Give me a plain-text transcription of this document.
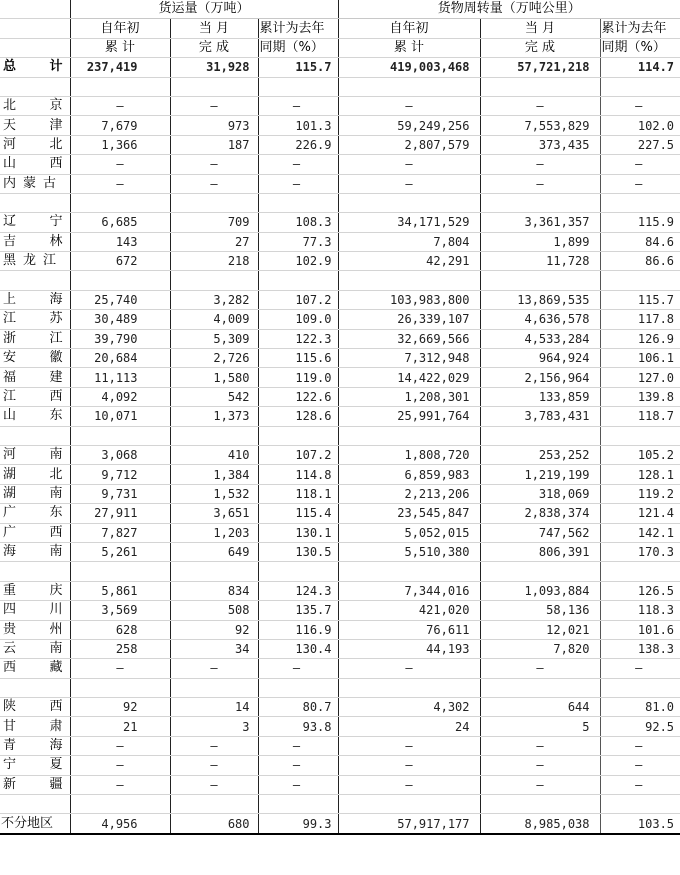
	货运量（万吨）			货物周转量（万吨公里）		
	自年初	当 月	累计为去年	自年初	当 月	累计为去年
	累 计	完 成	同期（%）	累 计	完 成	同期（%）

总 计	237,419	31,928	115.7	419,003,468	57,721,218	114.7

北 京	–	–	–	–	–	–

天 津	7,679	973	101.3	59,249,256	7,553,829	102.0

河 北	1,366	187	226.9	2,807,579	373,435	227.5

山 西	–	–	–	–	–	–

内蒙古	–	–	–	–	–	–

辽 宁	6,685	709	108.3	34,171,529	3,361,357	115.9

吉 林	143	27	77.3	7,804	1,899	84.6

黑龙江	672	218	102.9	42,291	11,728	86.6

上 海	25,740	3,282	107.2	103,983,800	13,869,535	115.7

江 苏	30,489	4,009	109.0	26,339,107	4,636,578	117.8

浙 江	39,790	5,309	122.3	32,669,566	4,533,284	126.9

安 徽	20,684	2,726	115.6	7,312,948	964,924	106.1

福 建	11,113	1,580	119.0	14,422,029	2,156,964	127.0

江 西	4,092	542	122.6	1,208,301	133,859	139.8

山 东	10,071	1,373	128.6	25,991,764	3,783,431	118.7

河 南	3,068	410	107.2	1,808,720	253,252	105.2

湖 北	9,712	1,384	114.8	6,859,983	1,219,199	128.1

湖 南	9,731	1,532	118.1	2,213,206	318,069	119.2

广 东	27,911	3,651	115.4	23,545,847	2,838,374	121.4

广 西	7,827	1,203	130.1	5,052,015	747,562	142.1

海 南	5,261	649	130.5	5,510,380	806,391	170.3

重 庆	5,861	834	124.3	7,344,016	1,093,884	126.5

四 川	3,569	508	135.7	421,020	58,136	118.3

贵 州	628	92	116.9	76,611	12,021	101.6

云 南	258	34	130.4	44,193	7,820	138.3

西 藏	–	–	–	–	–	–

陕 西	92	14	80.7	4,302	644	81.0

甘 肃	21	3	93.8	24	5	92.5

青 海	–	–	–	–	–	–

宁 夏	–	–	–	–	–	–

新 疆	–	–	–	–	–	–

不分地区	4,956	680	99.3	57,917,177	8,985,038	103.5
